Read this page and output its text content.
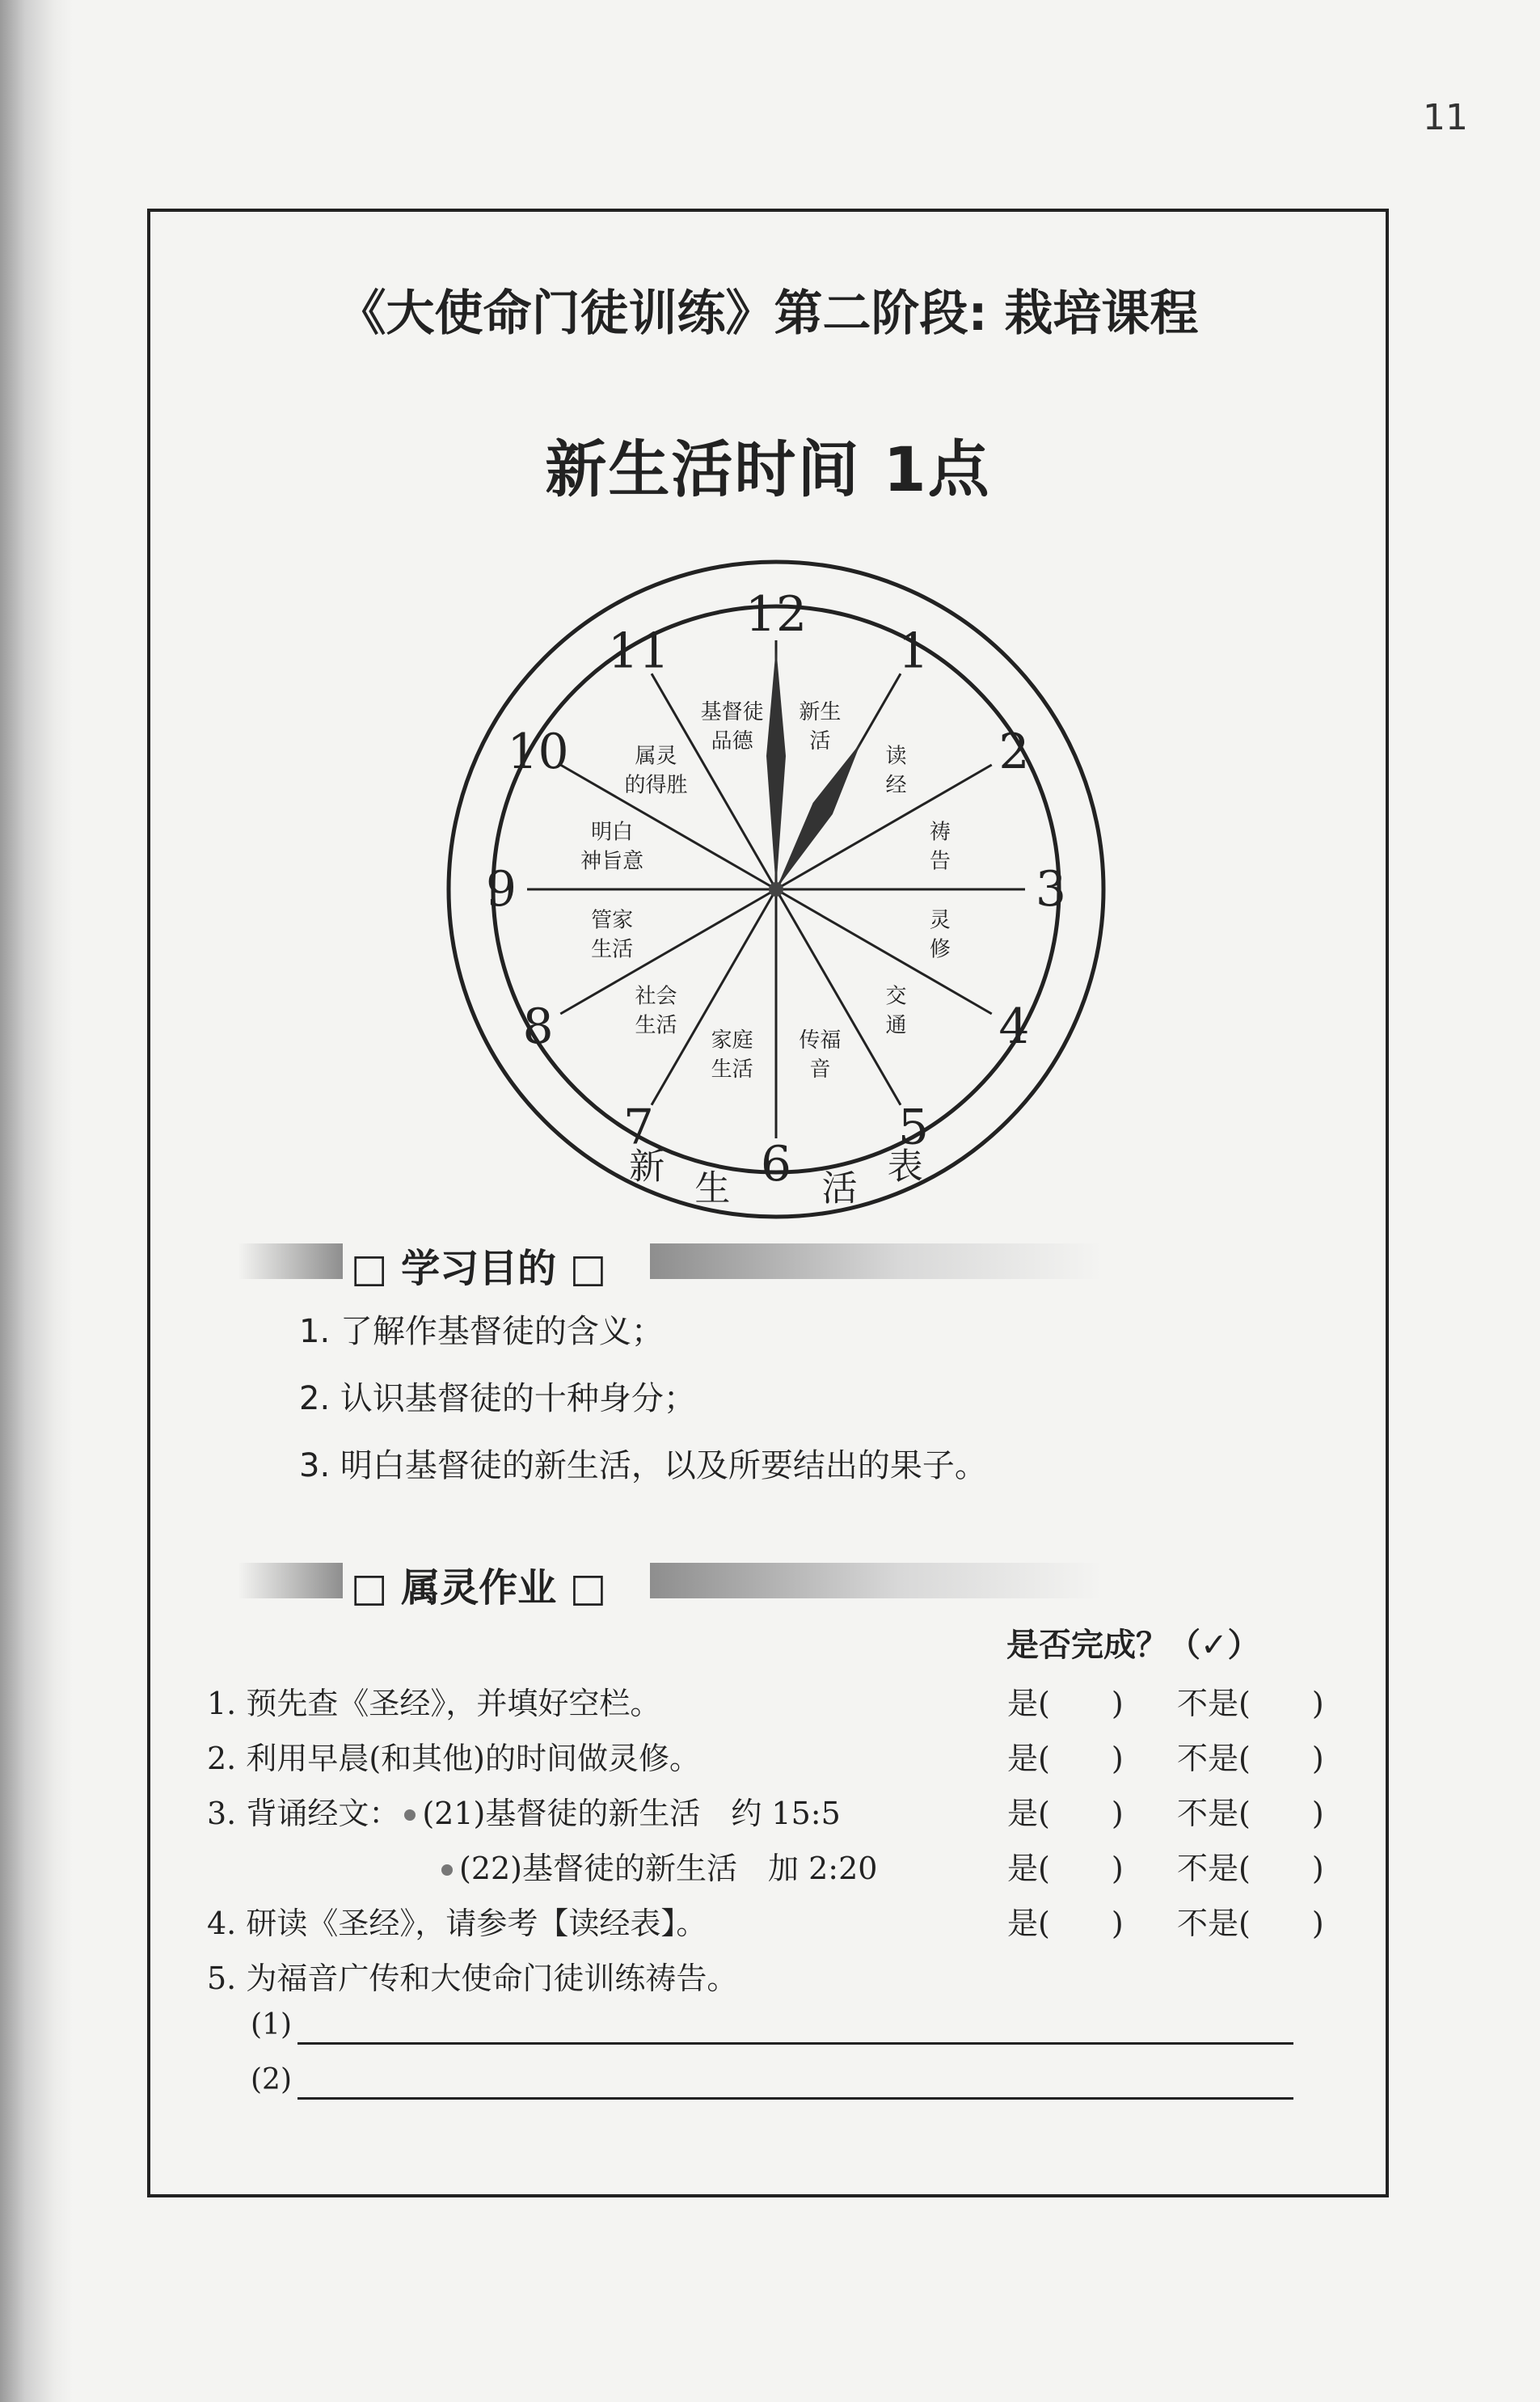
11
《大使命门徒训练》第二阶段: 栽培课程
新生活时间 1点
12
1
2
3
4
5
6
7
8
9
10
11
新生
活
读
经
祷
告
灵
修
交
通
传福
音
家庭
生活
社会
生活
管家
生活
明白
神旨意
属灵
的得胜
基督徒
品德
新
生	活
表
□ 学习目的 □
1. 了解作基督徒的含义；
2. 认识基督徒的十种身分；
3. 明白基督徒的新生活，以及所要结出的果子。
□ 属灵作业 □
是否完成？（✓）
1. 预先查《圣经》，并填好空栏。	是(　　) 不是(　　)
2. 利用早晨(和其他)的时间做灵修。	是(　　) 不是(　　)
3. 背诵经文： (21)基督徒的新生活　约 15:5	是(　　) 不是(　　)
(22)基督徒的新生活　加 2:20	是(　　) 不是(　　)
4. 研读《圣经》，请参考【读经表】。	是(　　) 不是(　　)
5. 为福音广传和大使命门徒训练祷告。
(1)
(2)
